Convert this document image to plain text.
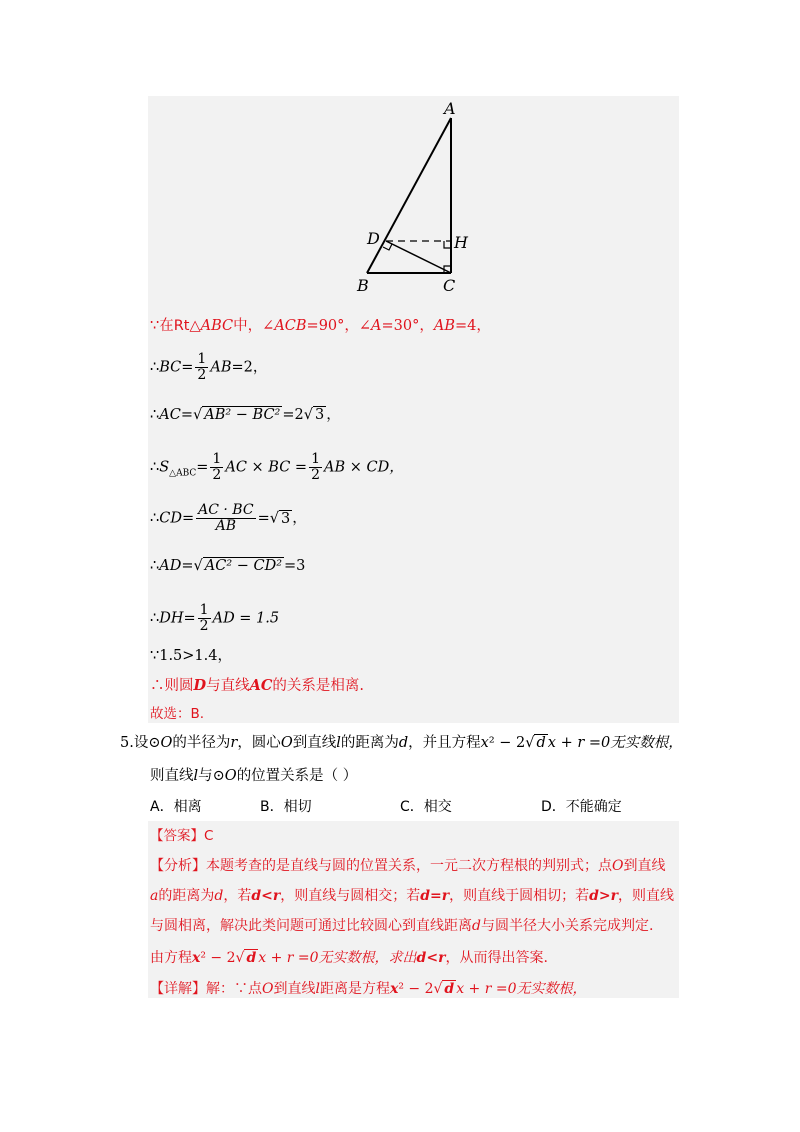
A
D	H
B	C
∵在Rt△ABC中，∠ACB=90°，∠A=30°，AB=4，
∴BC= $\frac{1}{2} AB=2$，
∴AC=√ AB² − BC² =2√ 3 ，
$\therefore S_{\triangle ABC}= \frac{1}{2}$ AC × BC = $\frac{1}{2}$ AB × CD，
∴CD= $\frac{AC \cdot BC}{AB}$ =√ 3 ，
∴AD=√ AC² − CD² =3
∴DH= $\frac{1}{2}$ AD = 1.5
∵1.5>1.4，
∴则圆D与直线AC的关系是相离.
故选：B.
5.设⊙O的半径为r，圆心O到直线l的距离为d，并且方程x² − 2√ d x + r =0无实数根，
则直线l与⊙O的位置关系是（ ）
A．相离	B．相切	C．相交	D．不能确定
【答案】C
【分析】本题考查的是直线与圆的位置关系，一元二次方程根的判别式；点O到直线
a的距离为d，若d<r，则直线与圆相交；若d=r，则直线于圆相切；若d>r，则直线
与圆相离，解决此类问题可通过比较圆心到直线距离d与圆半径大小关系完成判定.
由方程x² − 2√ d x + r =0无实数根，求出d<r，从而得出答案.
【详解】解：∵点O到直线l距离是方程x² − 2√ d x + r =0无实数根，
